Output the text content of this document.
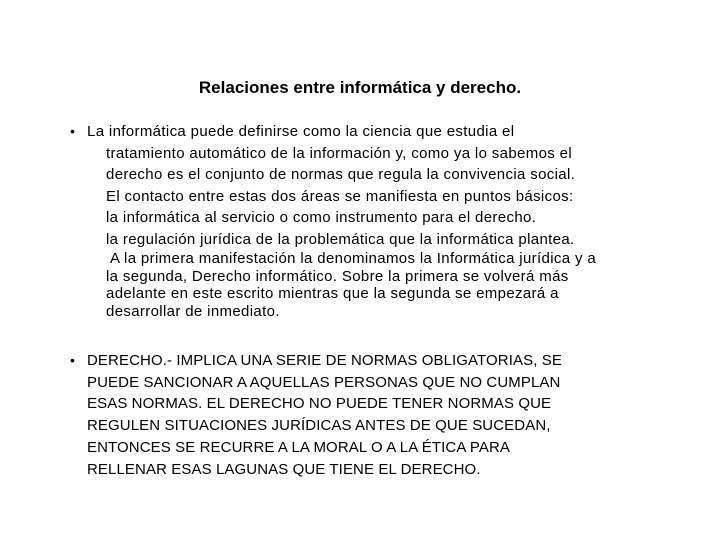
Relaciones entre informática y derecho.
• La informática puede definirse como la ciencia que estudia el
tratamiento automático de la información y, como ya lo sabemos el
derecho es el conjunto de normas que regula la convivencia social.
El contacto entre estas dos áreas se manifiesta en puntos básicos:
la informática al servicio o como instrumento para el derecho.
la regulación jurídica de la problemática que la informática plantea.
A la primera manifestación la denominamos la Informática jurídica y a
la segunda, Derecho informático. Sobre la primera se volverá más
adelante en este escrito mientras que la segunda se empezará a
desarrollar de inmediato.
• DERECHO.- IMPLICA UNA SERIE DE NORMAS OBLIGATORIAS, SE
PUEDE SANCIONAR A AQUELLAS PERSONAS QUE NO CUMPLAN
ESAS NORMAS. EL DERECHO NO PUEDE TENER NORMAS QUE
REGULEN SITUACIONES JURÍDICAS ANTES DE QUE SUCEDAN,
ENTONCES SE RECURRE A LA MORAL O A LA ÉTICA PARA
RELLENAR ESAS LAGUNAS QUE TIENE EL DERECHO.
